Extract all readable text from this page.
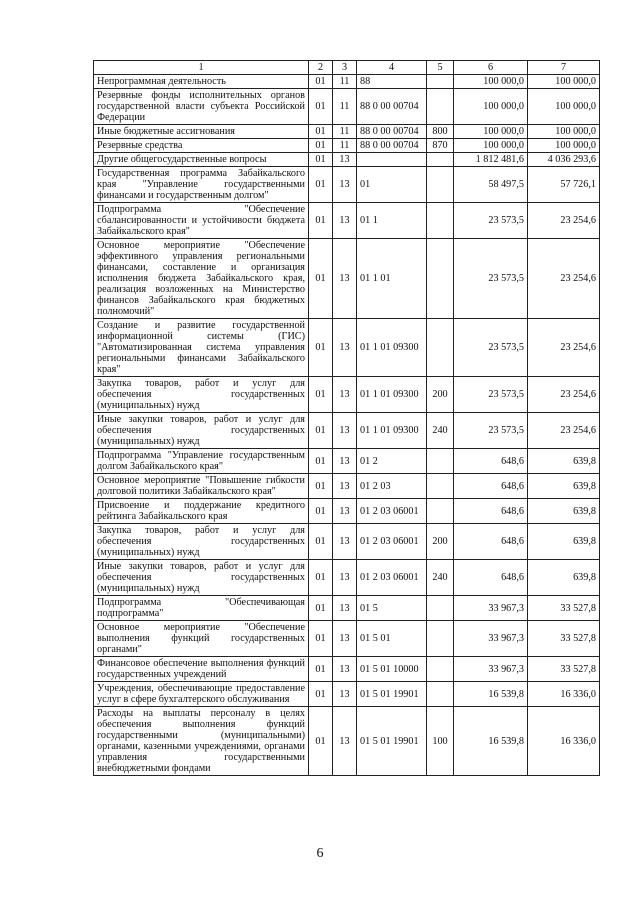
1	2	3	4	5	6	7
Непрограммная деятельность	01	11	88		100 000,0	100 000,0
Резервные фонды исполнительных органов государственной власти субъекта Российской Федерации	01	11	88 0 00 00704		100 000,0	100 000,0
Иные бюджетные ассигнования	01	11	88 0 00 00704	800	100 000,0	100 000,0
Резервные средства	01	11	88 0 00 00704	870	100 000,0	100 000,0
Другие общегосударственные вопросы	01	13			1 812 481,6	4 036 293,6
Государственная программа Забайкальского края "Управление государственными финансами и государственным долгом"	01	13	01		58 497,5	57 726,1
Подпрограмма "Обеспечение сбалансированности и устойчивости бюджета Забайкальского края"	01	13	01 1		23 573,5	23 254,6
Основное мероприятие "Обеспечение эффективного управления региональными финансами, составление и организация исполнения бюджета Забайкальского края, реализация возложенных на Министерство финансов Забайкальского края бюджетных полномочий"	01	13	01 1 01		23 573,5	23 254,6
Создание и развитие государственной информационной системы (ГИС) "Автоматизированная система управления региональными финансами Забайкальского края"	01	13	01 1 01 09300		23 573,5	23 254,6
Закупка товаров, работ и услуг для обеспечения государственных (муниципальных) нужд	01	13	01 1 01 09300	200	23 573,5	23 254,6
Иные закупки товаров, работ и услуг для обеспечения государственных (муниципальных) нужд	01	13	01 1 01 09300	240	23 573,5	23 254,6
Подпрограмма "Управление государственным долгом Забайкальского края"	01	13	01 2		648,6	639,8
Основное мероприятие "Повышение гибкости долговой политики Забайкальского края"	01	13	01 2 03		648,6	639,8
Присвоение и поддержание кредитного рейтинга Забайкальского края	01	13	01 2 03 06001		648,6	639,8
Закупка товаров, работ и услуг для обеспечения государственных (муниципальных) нужд	01	13	01 2 03 06001	200	648,6	639,8
Иные закупки товаров, работ и услуг для обеспечения государственных (муниципальных) нужд	01	13	01 2 03 06001	240	648,6	639,8
Подпрограмма "Обеспечивающая подпрограмма"	01	13	01 5		33 967,3	33 527,8
Основное мероприятие "Обеспечение выполнения функций государственных органами"	01	13	01 5 01		33 967,3	33 527,8
Финансовое обеспечение выполнения функций государственных учреждений	01	13	01 5 01 10000		33 967,3	33 527,8
Учреждения, обеспечивающие предоставление услуг в сфере бухгалтерского обслуживания	01	13	01 5 01 19901		16 539,8	16 336,0
Расходы на выплаты персоналу в целях обеспечения выполнения функций государственными (муниципальными) органами, казенными учреждениями, органами управления государственными внебюджетными фондами	01	13	01 5 01 19901	100	16 539,8	16 336,0
6
